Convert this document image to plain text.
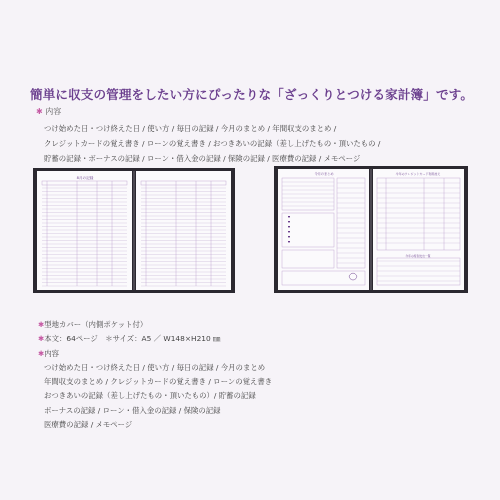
簡単に収支の管理をしたい方にぴったりな「ざっくりとつける家計簿」です。
✱ 内容
つけ始めた日・つけ終えた日 / 使い方 / 毎日の記録 / 今月のまとめ / 年間収支のまとめ /
クレジットカードの覚え書き / ローンの覚え書き / おつきあいの記録（差し上げたもの・頂いたもの /
貯蓄の記録・ボーナスの記録 / ローン・借入金の記録 / 保険の記録 / 医療費の記録 / メモページ
8月の記録
今月のまとめ	今年のクレジットカード利用控え
今年の特別支出一覧
✱型地カバー（内側ポケット付）
✱本文：64ページ　＊サイズ：A5 ／ W148×H210 ㎜
✱内容
つけ始めた日・つけ終えた日 / 使い方 / 毎日の記録 / 今月のまとめ
年間収支のまとめ / クレジットカードの覚え書き / ローンの覚え書き
おつきあいの記録（差し上げたもの・頂いたもの）/ 貯蓄の記録
ボーナスの記録 / ローン・借入金の記録 / 保険の記録
医療費の記録 / メモページ
